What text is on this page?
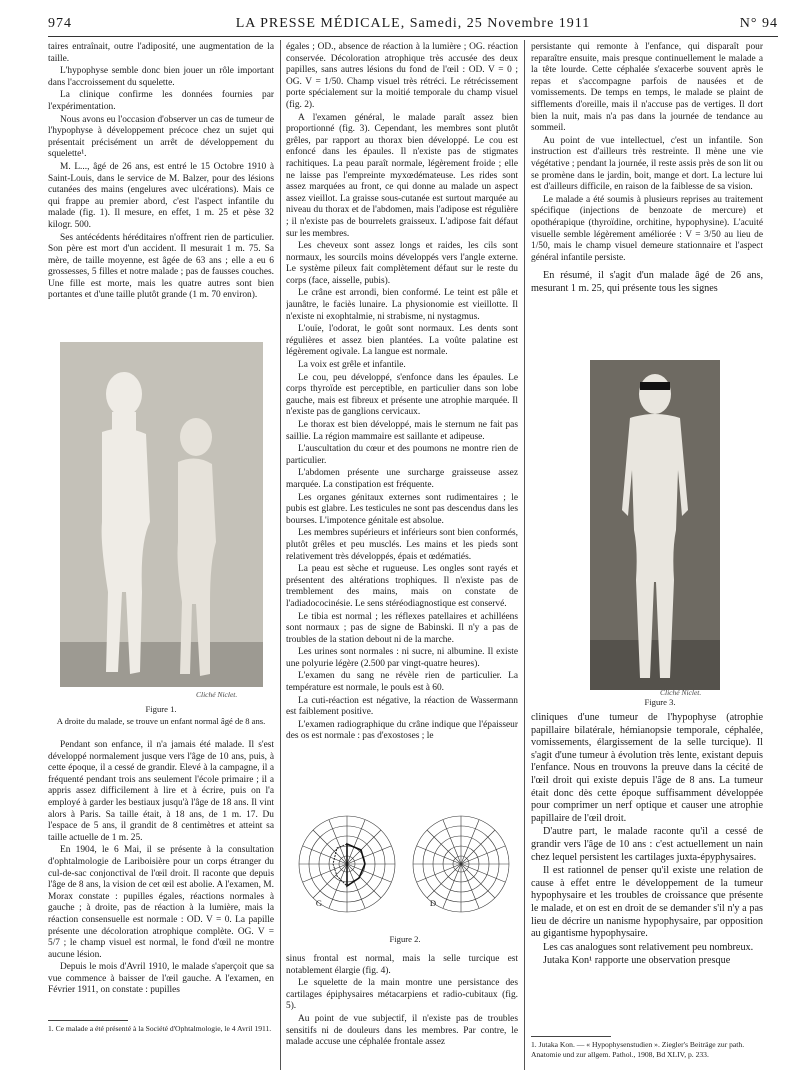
974	LA PRESSE MÉDICALE, Samedi, 25 Novembre 1911	N° 94

taires entraînait, outre l'adiposité, une augmentation de la taille.

L'hypophyse semble donc bien jouer un rôle important dans l'accroissement du squelette.

La clinique confirme les données fournies par l'expérimentation.

Nous avons eu l'occasion d'observer un cas de tumeur de l'hypophyse à développement précoce chez un sujet qui présentait précisément un arrêt de développement du squelette¹.

M. L..., âgé de 26 ans, est entré le 15 Octobre 1910 à Saint-Louis, dans le service de M. Balzer, pour des lésions cutanées des mains (engelures avec ulcérations). Mais ce qui frappe au premier abord, c'est l'aspect infantile du malade (fig. 1). Il mesure, en effet, 1 m. 25 et pèse 32 kilogr. 500.

Ses antécédents héréditaires n'offrent rien de particulier. Son père est mort d'un accident. Il mesurait 1 m. 75. Sa mère, de taille moyenne, est âgée de 63 ans ; elle a eu 6 grossesses, 5 filles et notre malade ; pas de fausses couches. Une fille est morte, mais les quatre autres sont bien portantes et d'une taille plutôt grande (1 m. 70 environ).

Cliché Niclet.
Figure 1.
A droite du malade, se trouve un enfant normal âgé de 8 ans.

Pendant son enfance, il n'a jamais été malade. Il s'est développé normalement jusque vers l'âge de 10 ans, puis, à cette époque, il a cessé de grandir. Elevé à la campagne, il a fréquenté pendant trois ans seulement l'école primaire ; il a appris assez difficilement à lire et à écrire, puis on l'a employé à garder les bestiaux jusqu'à l'âge de 18 ans. Il vint alors à Paris. Sa taille était, à 18 ans, de 1 m. 17. Du l'espace de 5 ans, il grandit de 8 centimètres et atteint sa taille actuelle de 1 m. 25.

En 1904, le 6 Mai, il se présente à la consultation d'ophtalmologie de Lariboisière pour un corps étranger du cul-de-sac conjonctival de l'œil droit. Il raconte que depuis l'âge de 8 ans, la vision de cet œil est abolie. A l'examen, M. Morax constate : pupilles égales, réactions normales à gauche ; à droite, pas de réaction à la lumière, mais la réaction consensuelle est normale : OD. V = 0. La papille présente une décoloration atrophique complète. OG. V = 5/7 ; le champ visuel est normal, le fond d'œil ne montre aucune lésion.

Depuis le mois d'Avril 1910, le malade s'aperçoit que sa vue commence à baisser de l'œil gauche. A l'examen, en Février 1911, on constate : pupilles

1. Ce malade a été présenté à la Société d'Ophtalmologie, le 4 Avril 1911.

égales ; OD., absence de réaction à la lumière ; OG. réaction conservée. Décoloration atrophique très accusée des deux papilles, sans autres lésions du fond de l'œil : OD. V = 0 ; OG. V = 1/50. Champ visuel très rétréci. Le rétrécissement porte spécialement sur la moitié temporale du champ visuel (fig. 2).

A l'examen général, le malade paraît assez bien proportionné (fig. 3). Cependant, les membres sont plutôt grêles, par rapport au thorax bien développé. Le cou est enfoncé dans les épaules. Il n'existe pas de stigmates rachitiques. La peau paraît normale, légèrement froide ; elle ne laisse pas l'empreinte myxœdémateuse. Les rides sont assez marquées au front, ce qui donne au malade un aspect assez vieillot. La graisse sous-cutanée est surtout marquée au niveau du thorax et de l'abdomen, mais l'adipose est régulière ; il n'existe pas de bourrelets graisseux. L'adipose fait défaut sur les membres.

Les cheveux sont assez longs et raides, les cils sont normaux, les sourcils moins développés vers l'angle externe. Le système pileux fait complètement défaut sur le reste du corps (face, aisselle, pubis).

Le crâne est arrondi, bien conformé. Le teint est pâle et jaunâtre, le faciès lunaire. La physionomie est vieillotte. Il n'existe ni exophtalmie, ni strabisme, ni nystagmus.

L'ouïe, l'odorat, le goût sont normaux. Les dents sont régulières et assez bien plantées. La voûte palatine est légèrement ogivale. La langue est normale.

La voix est grêle et infantile.

Le cou, peu développé, s'enfonce dans les épaules. Le corps thyroïde est perceptible, en particulier dans son lobe gauche, mais est fibreux et présente une atrophie marquée. Il n'existe pas de ganglions cervicaux.

Le thorax est bien développé, mais le sternum ne fait pas saillie. La région mammaire est saillante et adipeuse.

L'auscultation du cœur et des poumons ne montre rien de particulier.

L'abdomen présente une surcharge graisseuse assez marquée. La constipation est fréquente.

Les organes génitaux externes sont rudimentaires ; le pubis est glabre. Les testicules ne sont pas descendus dans les bourses. L'impotence génitale est absolue.

Les membres supérieurs et inférieurs sont bien conformés, plutôt grêles et peu musclés. Les mains et les pieds sont relativement très développés, épais et œdématiés.

La peau est sèche et rugueuse. Les ongles sont rayés et présentent des altérations trophiques. Il n'existe pas de tremblement des mains, mais on constate de l'adiadococinésie. Le sens stéréodiagnostique est conservé.

Le tibia est normal ; les réflexes patellaires et achilléens sont normaux ; pas de signe de Babinski. Il n'y a pas de troubles de la station debout ni de la marche.

Les urines sont normales : ni sucre, ni albumine. Il existe une polyurie légère (2.500 par vingt-quatre heures).

L'examen du sang ne révèle rien de particulier. La température est normale, le pouls est à 60.

La cuti-réaction est négative, la réaction de Wassermann est faiblement positive.

L'examen radiographique du crâne indique que l'épaisseur des os est normale : pas d'exostoses ; le

G	D
Figure 2.

sinus frontal est normal, mais la selle turcique est notablement élargie (fig. 4).

Le squelette de la main montre une persistance des cartilages épiphysaires métacarpiens et radio-cubitaux (fig. 5).

Au point de vue subjectif, il n'existe pas de troubles sensitifs ni de douleurs dans les membres. Par contre, le malade accuse une céphalée frontale assez

persistante qui remonte à l'enfance, qui disparaît pour reparaître ensuite, mais presque continuellement le malade a la tête lourde. Cette céphalée s'exacerbe souvent après le repas et s'accompagne parfois de nausées et de vomissements. De temps en temps, le malade se plaint de sifflements d'oreille, mais il n'accuse pas de vertiges. Il dort bien la nuit, mais n'a pas dans la journée de tendance au sommeil.

Au point de vue intellectuel, c'est un infantile. Son instruction est d'ailleurs très restreinte. Il mène une vie végétative ; pendant la journée, il reste assis près de son lit ou se promène dans le jardin, boit, mange et dort. La lecture lui est d'ailleurs difficile, en raison de la faiblesse de sa vision.

Le malade a été soumis à plusieurs reprises au traitement spécifique (injections de benzoate de mercure) et opothérapique (thyroïdine, orchitine, hypophysine). L'acuité visuelle semble légèrement améliorée : V = 3/50 au lieu de 1/50, mais le champ visuel demeure stationnaire et l'aspect général infantile persiste.

En résumé, il s'agit d'un malade âgé de 26 ans, mesurant 1 m. 25, qui présente tous les signes

Cliché Niclet.
Figure 3.

cliniques d'une tumeur de l'hypophyse (atrophie papillaire bilatérale, hémianopsie temporale, céphalée, vomissements, élargissement de la selle turcique). Il s'agit d'une tumeur à évolution très lente, existant depuis l'enfance. Nous en trouvons la preuve dans la cécité de l'œil droit qui existe depuis l'âge de 8 ans. La tumeur était donc dès cette époque suffisamment développée pour comprimer un nerf optique et causer une atrophie papillaire de l'œil droit.

D'autre part, le malade raconte qu'il a cessé de grandir vers l'âge de 10 ans : c'est actuellement un nain chez lequel persistent les cartilages juxta-épyphysaires.

Il est rationnel de penser qu'il existe une relation de cause à effet entre le développement de la tumeur hypophysaire et les troubles de croissance que présente le malade, et on est en droit de se demander s'il n'y a pas lieu de décrire un nanisme hypophysaire, par opposition au gigantisme hypophysaire.

Les cas analogues sont relativement peu nombreux.

Jutaka Kon¹ rapporte une observation presque

1. Jutaka Kon. — « Hypophysenstudien ». Ziegler's Beiträge zur path. Anatomie und zur allgem. Pathol., 1908, Bd XLIV, p. 233.
